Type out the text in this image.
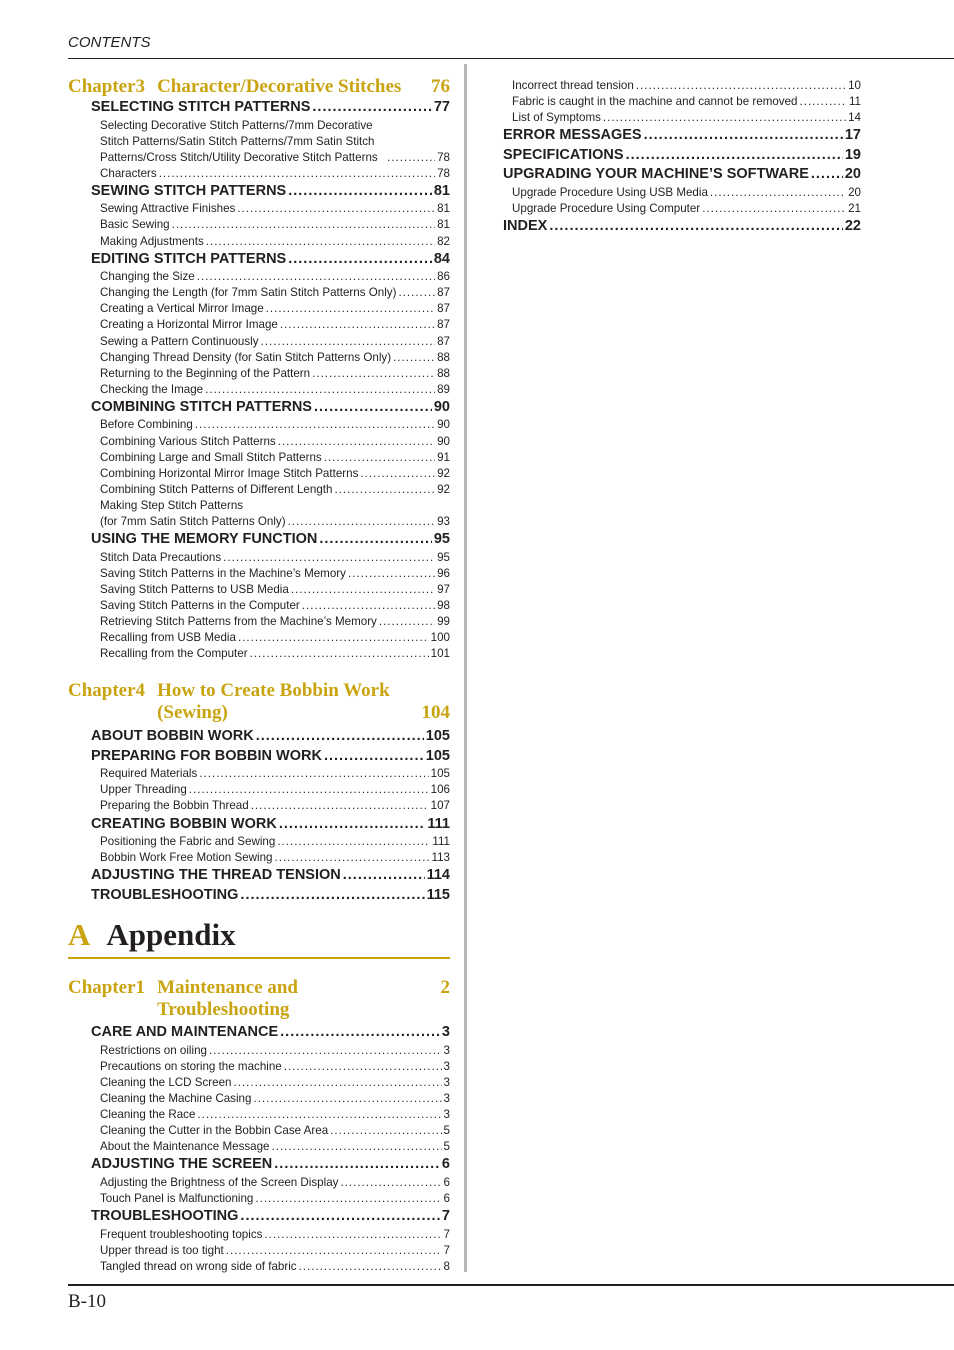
CONTENTS
Chapter3 Character/Decorative Stitches	76
SELECTING STITCH PATTERNS .....	77
Selecting Decorative Stitch Patterns/7mm Decorative Stitch Patterns/Satin Stitch Patterns/7mm Satin Stitch Patterns/Cross Stitch/Utility Decorative Stitch Patterns .....	78
Characters .....	78
SEWING STITCH PATTERNS .....	81
Sewing Attractive Finishes .....	81
Basic Sewing .....	81
Making Adjustments .....	82
EDITING STITCH PATTERNS .....	84
Changing the Size .....	86
Changing the Length (for 7mm Satin Stitch Patterns Only) .....	87
Creating a Vertical Mirror Image .....	87
Creating a Horizontal Mirror Image .....	87
Sewing a Pattern Continuously .....	87
Changing Thread Density (for Satin Stitch Patterns Only) .....	88
Returning to the Beginning of the Pattern .....	88
Checking the Image .....	89
COMBINING STITCH PATTERNS .....	90
Before Combining .....	90
Combining Various Stitch Patterns .....	90
Combining Large and Small Stitch Patterns .....	91
Combining Horizontal Mirror Image Stitch Patterns .....	92
Combining Stitch Patterns of Different Length .....	92
Making Step Stitch Patterns
(for 7mm Satin Stitch Patterns Only) .....	93
USING THE MEMORY FUNCTION .....	95
Stitch Data Precautions .....	95
Saving Stitch Patterns in the Machine’s Memory .....	96
Saving Stitch Patterns to USB Media .....	97
Saving Stitch Patterns in the Computer .....	98
Retrieving Stitch Patterns from the Machine’s Memory .....	99
Recalling from USB Media .....	100
Recalling from the Computer .....	101
Chapter4 How to Create Bobbin Work (Sewing)	104
ABOUT BOBBIN WORK .....	105
PREPARING FOR BOBBIN WORK .....	105
Required Materials .....	105
Upper Threading .....	106
Preparing the Bobbin Thread .....	107
CREATING BOBBIN WORK .....	111
Positioning the Fabric and Sewing .....	111
Bobbin Work Free Motion Sewing .....	113
ADJUSTING THE THREAD TENSION .....	114
TROUBLESHOOTING .....	115
A Appendix
Chapter1 Maintenance and Troubleshooting
2
CARE AND MAINTENANCE .....	3
Restrictions on oiling .....	3
Precautions on storing the machine .....	3
Cleaning the LCD Screen .....	3
Cleaning the Machine Casing .....	3
Cleaning the Race .....	3
Cleaning the Cutter in the Bobbin Case Area .....	5
About the Maintenance Message .....	5
ADJUSTING THE SCREEN .....	6
Adjusting the Brightness of the Screen Display .....	6
Touch Panel is Malfunctioning .....	6
TROUBLESHOOTING .....	7
Frequent troubleshooting topics .....	7
Upper thread is too tight .....	7
Tangled thread on wrong side of fabric .....	8
Incorrect thread tension .....	10
Fabric is caught in the machine and cannot be removed .....	11
List of Symptoms .....	14
ERROR MESSAGES .....	17
SPECIFICATIONS .....	19
UPGRADING YOUR MACHINE’S SOFTWARE ..... 20
Upgrade Procedure Using USB Media .....	20
Upgrade Procedure Using Computer .....	21
INDEX .....	22
B-10
